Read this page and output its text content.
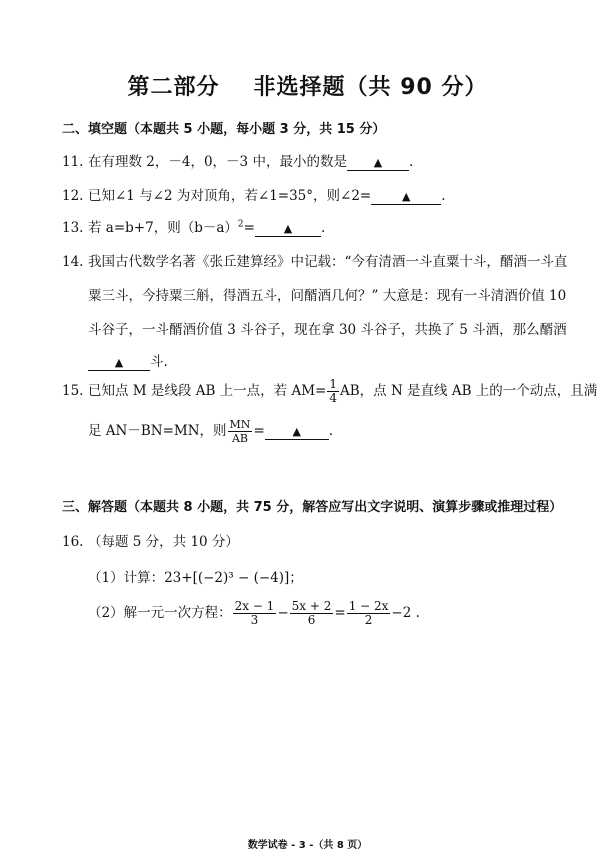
第二部分 非选择题（共 90 分）
二、填空题（本题共 5 小题，每小题 3 分，共 15 分）
11. 在有理数 2，－4，0，－3 中，最小的数是 ▲ .
12. 已知∠1 与∠2 为对顶角，若∠1=35°，则∠2=	▲ .
13. 若 a=b+7，则$(b-a)^2=$	▲ .
14. 我国古代数学名著《张丘建算经》中记载：“今有清酒一斗直粟十斗，醑酒一斗直
粟三斗，今持粟三斛，得酒五斗，问醑酒几何？” 大意是：现有一斗清酒价值 10
斗谷子，一斗醑酒价值 3 斗谷子，现在拿 30 斗谷子，共换了 5 斗酒，那么醑酒
▲ 斗.
15. 已知点 M 是线段 AB 上一点，若 $AM= \frac{1}{4}$ AB，点 N 是直线 AB 上的一个动点，且满
足 AN－BN=MN，则 $\frac{MN}{AB}$ =	▲ .
三、解答题（本题共 8 小题，共 75 分，解答应写出文字说明、演算步骤或推理过程）
16. （每题 5 分，共 10 分）
（1）计算：23+[(−2)³ − (−4)]；
（2）解一元一次方程： $\frac{2x - 1}{3} - \frac{5x + 2}{6} = \frac{1 - 2x}{2} -2$ .
数学试卷 - 3 -（共 8 页）
